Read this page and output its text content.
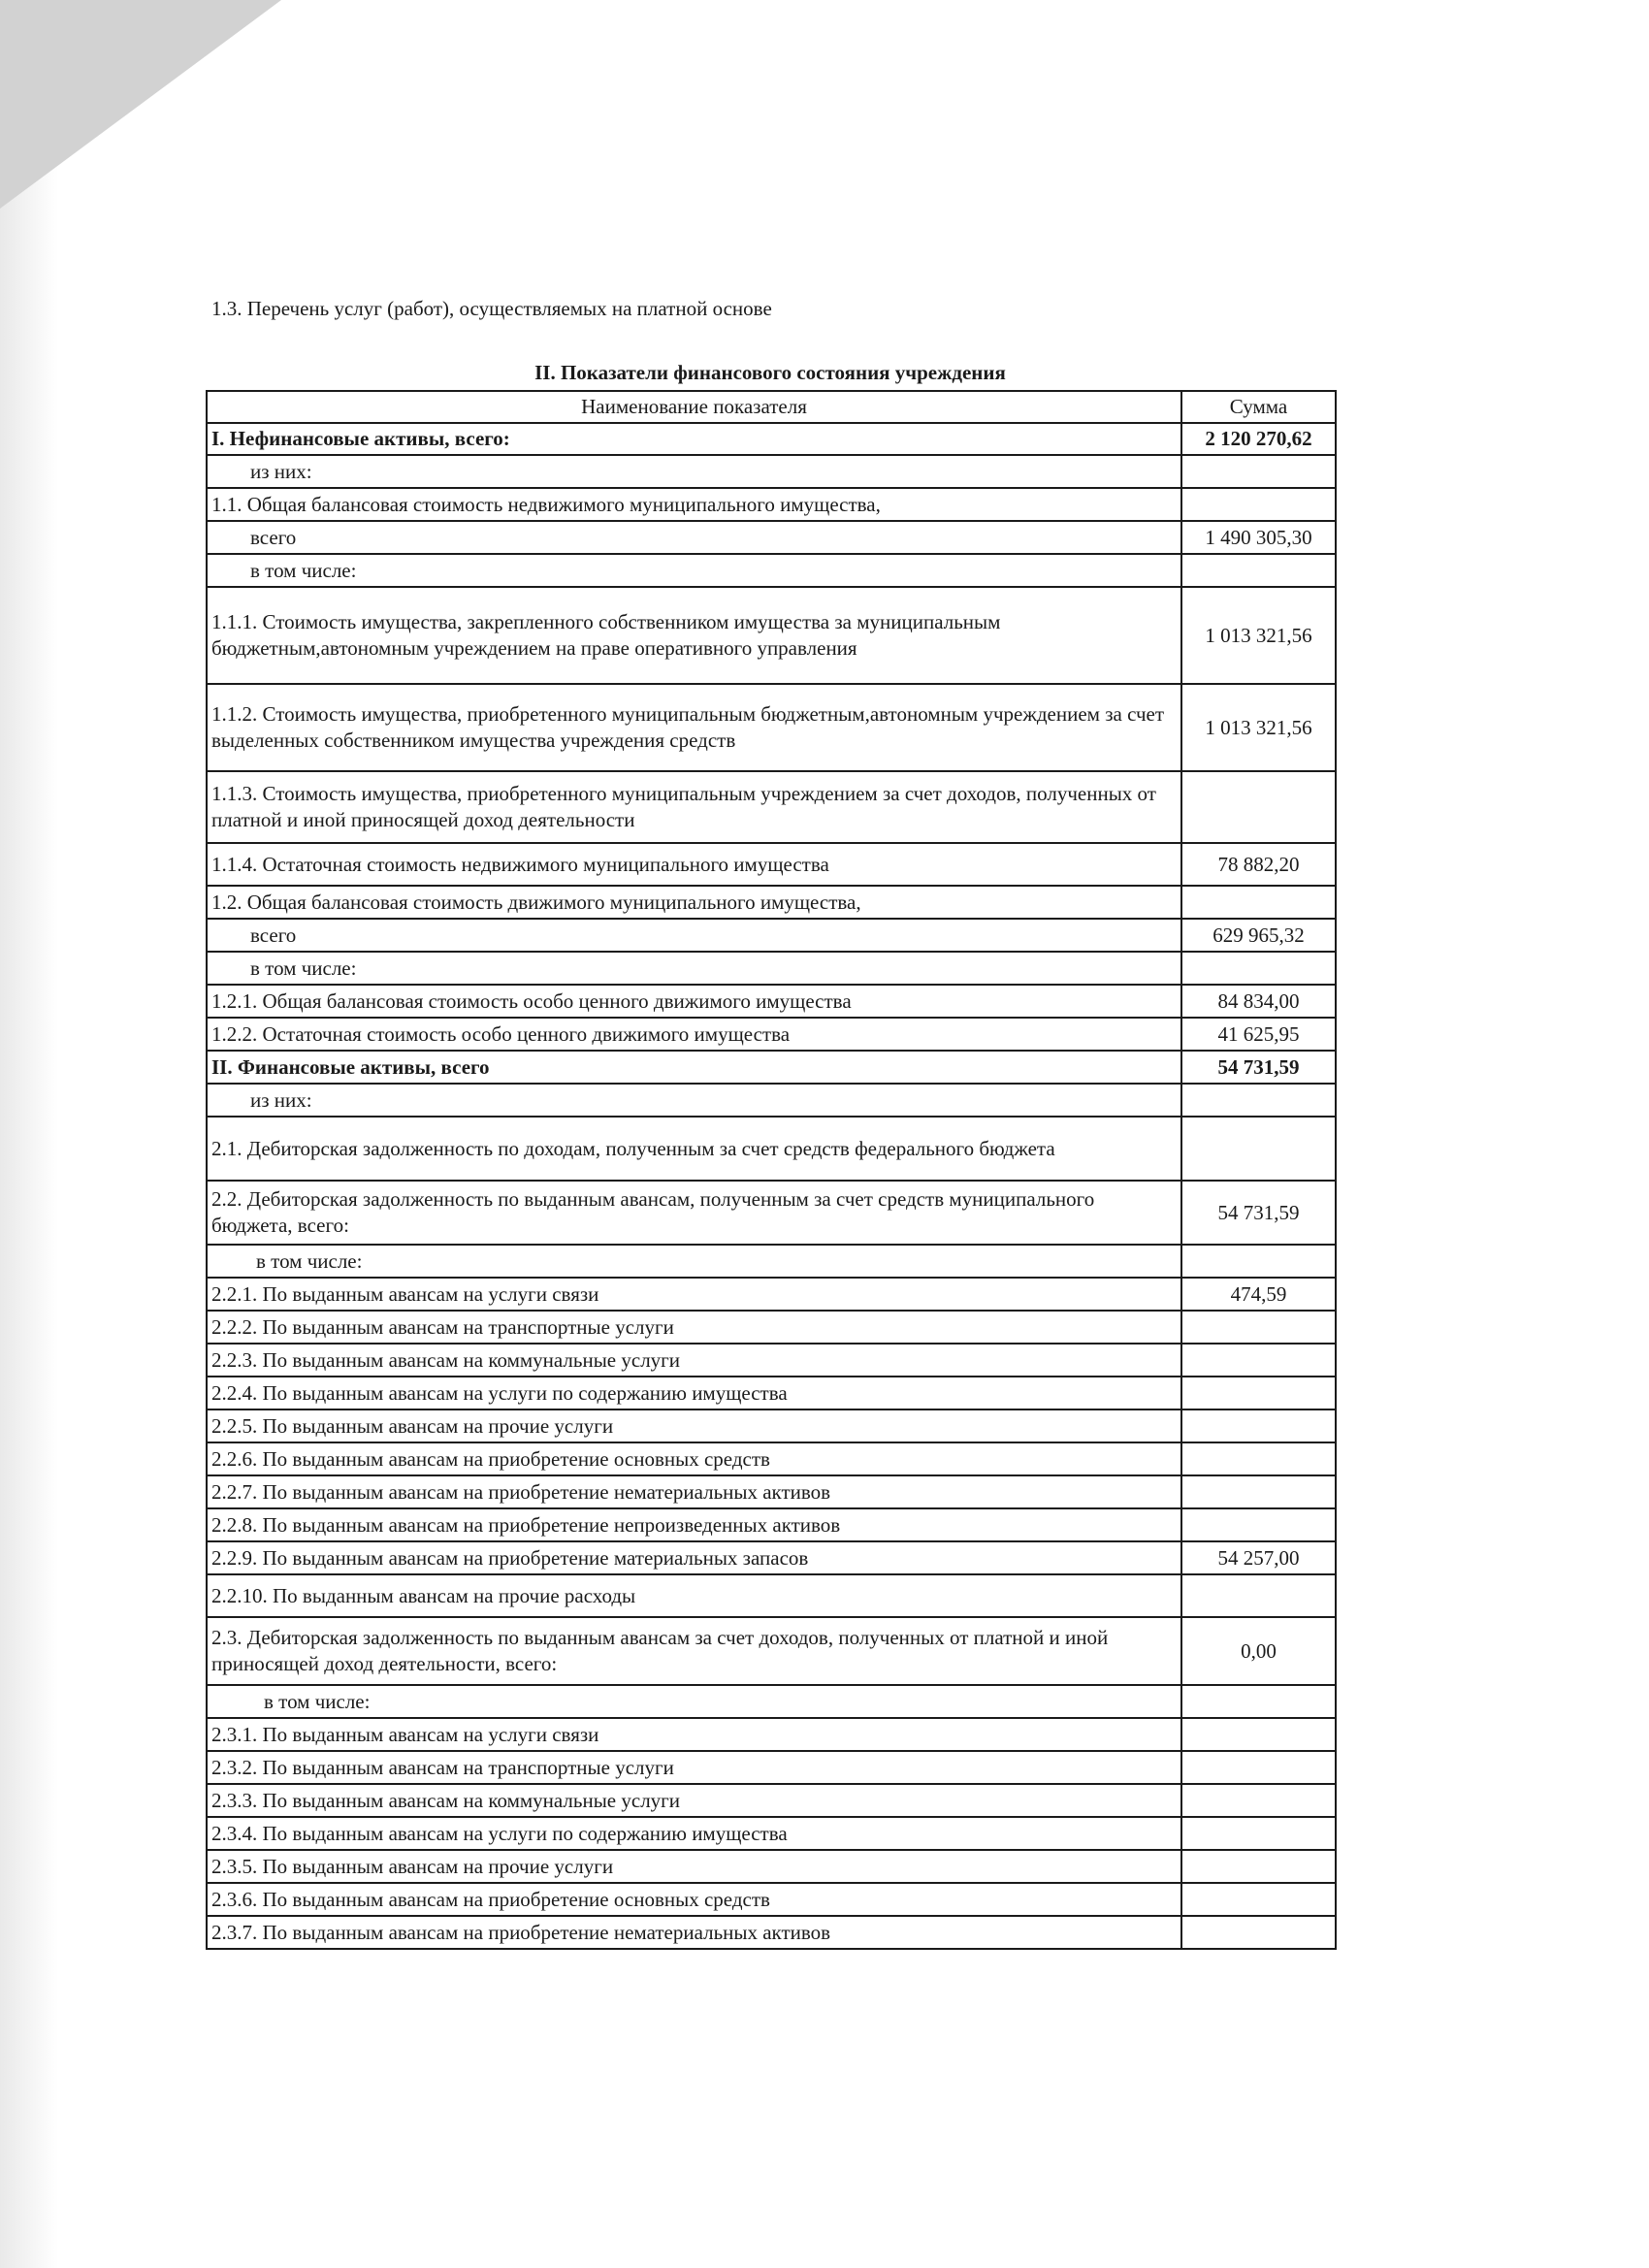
1.3. Перечень услуг (работ), осуществляемых на платной основе
II. Показатели финансового состояния учреждения
Наименование показателя	Сумма
I. Нефинансовые активы, всего:	2 120 270,62
из них:	
1.1. Общая балансовая стоимость недвижимого муниципального имущества,	
всего	1 490 305,30
в том числе:	
1.1.1. Стоимость имущества, закрепленного собственником имущества за муниципальным бюджетным,автономным учреждением на праве оперативного управления	1 013 321,56
1.1.2. Стоимость имущества, приобретенного муниципальным бюджетным,автономным учреждением за счет выделенных собственником имущества учреждения средств	1 013 321,56
1.1.3. Стоимость имущества, приобретенного муниципальным учреждением за счет доходов, полученных от платной и иной приносящей доход деятельности	
1.1.4. Остаточная стоимость недвижимого муниципального имущества	78 882,20
1.2. Общая балансовая стоимость движимого муниципального имущества,	
всего	629 965,32
в том числе:	
1.2.1. Общая балансовая стоимость особо ценного движимого имущества	84 834,00
1.2.2. Остаточная стоимость особо ценного движимого имущества	41 625,95
II. Финансовые активы, всего	54 731,59
из них:	
2.1. Дебиторская задолженность по доходам, полученным за счет средств федерального бюджета	
2.2. Дебиторская задолженность по выданным авансам, полученным за счет средств муниципального бюджета, всего:	54 731,59
в том числе:	
2.2.1. По выданным авансам на услуги связи	474,59
2.2.2. По выданным авансам на транспортные услуги	
2.2.3. По выданным авансам на коммунальные услуги	
2.2.4. По выданным авансам на услуги по содержанию имущества	
2.2.5. По выданным авансам на прочие услуги	
2.2.6. По выданным авансам на приобретение основных средств	
2.2.7. По выданным авансам на приобретение нематериальных активов	
2.2.8. По выданным авансам на приобретение непроизведенных активов	
2.2.9. По выданным авансам на приобретение материальных запасов	54 257,00
2.2.10. По выданным авансам на прочие расходы	
2.3. Дебиторская задолженность по выданным авансам за счет доходов, полученных от платной и иной приносящей доход деятельности, всего:	0,00
в том числе:	
2.3.1. По выданным авансам на услуги связи	
2.3.2. По выданным авансам на транспортные услуги	
2.3.3. По выданным авансам на коммунальные услуги	
2.3.4. По выданным авансам на услуги по содержанию имущества	
2.3.5. По выданным авансам на прочие услуги	
2.3.6. По выданным авансам на приобретение основных средств	
2.3.7. По выданным авансам на приобретение нематериальных активов	
